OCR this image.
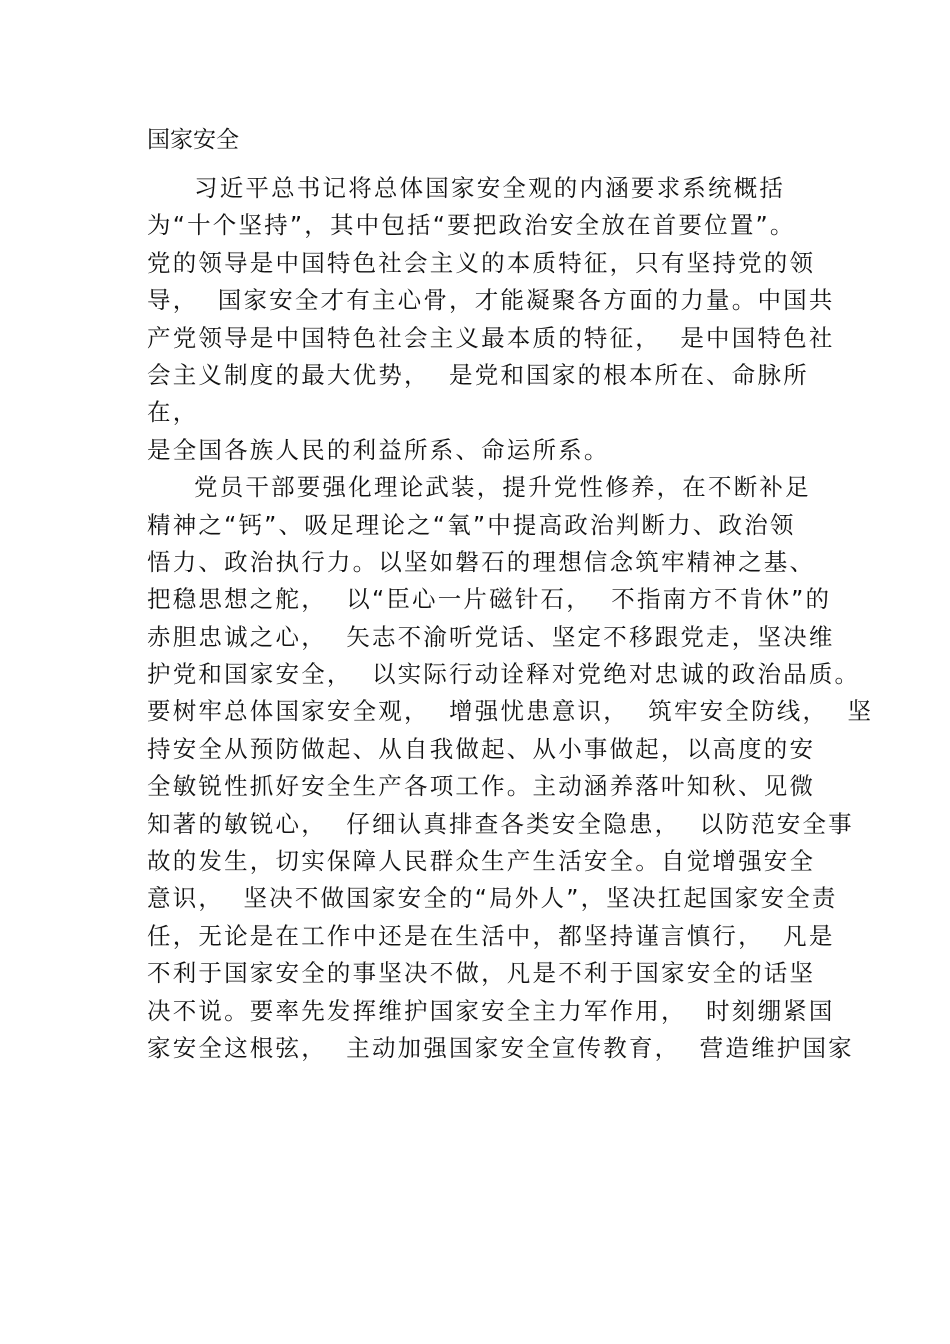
国家安全
习近平总书记将总体国家安全观的内涵要求系统概括
为“十个坚持”，其中包括“要把政治安全放在首要位置”。
党的领导是中国特色社会主义的本质特征，只有坚持党的领
导，  国家安全才有主心骨，才能凝聚各方面的力量。中国共
产党领导是中国特色社会主义最本质的特征，  是中国特色社
会主义制度的最大优势，  是党和国家的根本所在、命脉所
在，
是全国各族人民的利益所系、命运所系。
党员干部要强化理论武装，提升党性修养，在不断补足
精神之“钙”、吸足理论之“氧”中提高政治判断力、政治领
悟力、政治执行力。以坚如磐石的理想信念筑牢精神之基、
把稳思想之舵，  以“臣心一片磁针石，  不指南方不肯休”的
赤胆忠诚之心，  矢志不渝听党话、坚定不移跟党走，坚决维
护党和国家安全，  以实际行动诠释对党绝对忠诚的政治品质。
要树牢总体国家安全观，  增强忧患意识，  筑牢安全防线，  坚
持安全从预防做起、从自我做起、从小事做起，以高度的安
全敏锐性抓好安全生产各项工作。主动涵养落叶知秋、见微
知著的敏锐心，  仔细认真排查各类安全隐患，  以防范安全事
故的发生，切实保障人民群众生产生活安全。自觉增强安全
意识，  坚决不做国家安全的“局外人”，坚决扛起国家安全责
任，无论是在工作中还是在生活中，都坚持谨言慎行，  凡是
不利于国家安全的事坚决不做，凡是不利于国家安全的话坚
决不说。要率先发挥维护国家安全主力军作用，  时刻绷紧国
家安全这根弦，  主动加强国家安全宣传教育，  营造维护国家
